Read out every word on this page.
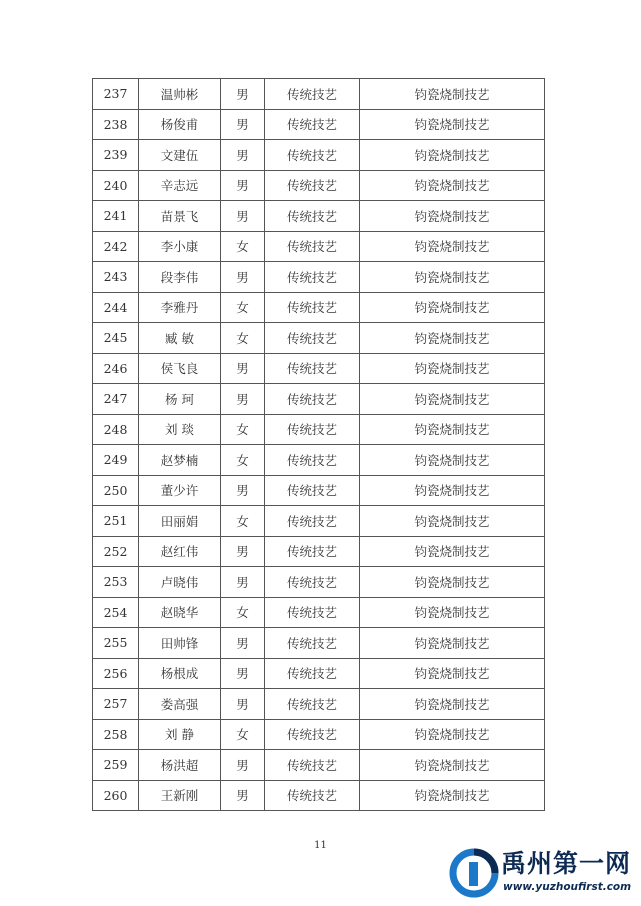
237	温帅彬	男	传统技艺	钧瓷烧制技艺
238	杨俊甫	男	传统技艺	钧瓷烧制技艺
239	文建伍	男	传统技艺	钧瓷烧制技艺
240	辛志远	男	传统技艺	钧瓷烧制技艺
241	苗景飞	男	传统技艺	钧瓷烧制技艺
242	李小康	女	传统技艺	钧瓷烧制技艺
243	段李伟	男	传统技艺	钧瓷烧制技艺
244	李雅丹	女	传统技艺	钧瓷烧制技艺
245	臧 敏	女	传统技艺	钧瓷烧制技艺
246	侯飞良	男	传统技艺	钧瓷烧制技艺
247	杨 珂	男	传统技艺	钧瓷烧制技艺
248	刘 琰	女	传统技艺	钧瓷烧制技艺
249	赵梦楠	女	传统技艺	钧瓷烧制技艺
250	董少许	男	传统技艺	钧瓷烧制技艺
251	田丽娟	女	传统技艺	钧瓷烧制技艺
252	赵红伟	男	传统技艺	钧瓷烧制技艺
253	卢晓伟	男	传统技艺	钧瓷烧制技艺
254	赵晓华	女	传统技艺	钧瓷烧制技艺
255	田帅锋	男	传统技艺	钧瓷烧制技艺
256	杨根成	男	传统技艺	钧瓷烧制技艺
257	娄高强	男	传统技艺	钧瓷烧制技艺
258	刘 静	女	传统技艺	钧瓷烧制技艺
259	杨洪超	男	传统技艺	钧瓷烧制技艺
260	王新刚	男	传统技艺	钧瓷烧制技艺
11
禹州第一网
www.yuzhoufirst.com
